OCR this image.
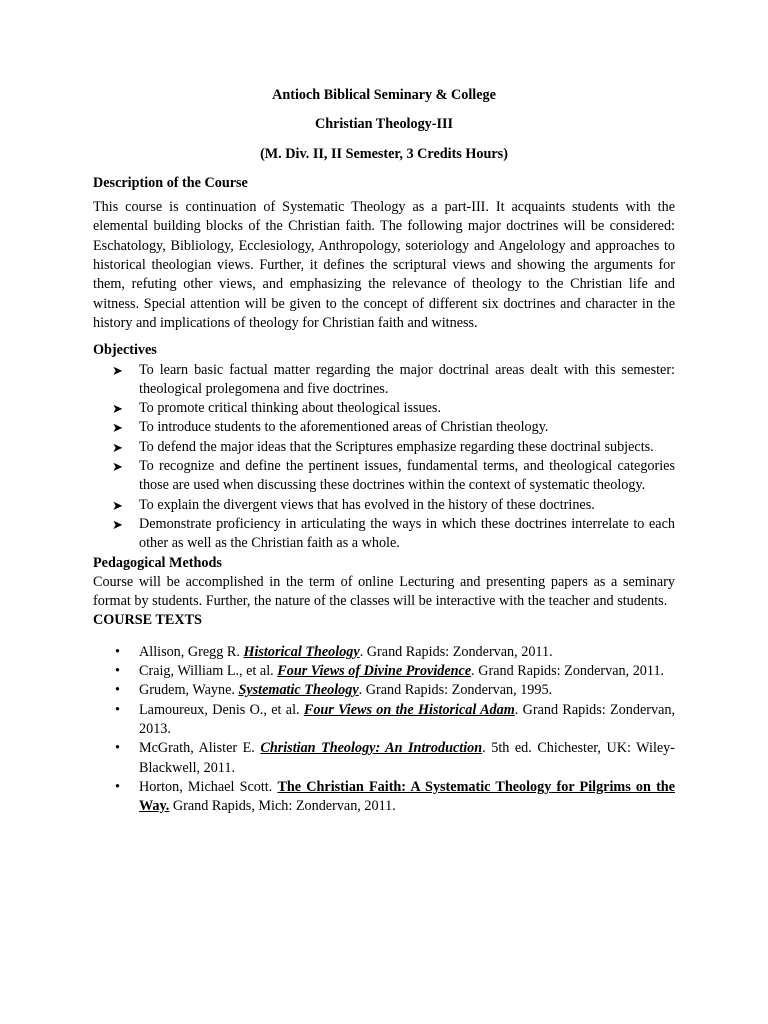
Antioch Biblical Seminary & College

Christian Theology-III

(M. Div. II, II Semester, 3 Credits Hours)

Description of the Course

This course is continuation of Systematic Theology as a part-III. It acquaints students with the elemental building blocks of the Christian faith. The following major doctrines will be considered: Eschatology, Bibliology, Ecclesiology, Anthropology, soteriology and Angelology and approaches to historical theologian views. Further, it defines the scriptural views and showing the arguments for them, refuting other views, and emphasizing the relevance of theology to the Christian life and witness. Special attention will be given to the concept of different six doctrines and character in the history and implications of theology for Christian faith and witness.

Objectives

➤ To learn basic factual matter regarding the major doctrinal areas dealt with this semester: theological prolegomena and five doctrines.
➤ To promote critical thinking about theological issues.
➤ To introduce students to the aforementioned areas of Christian theology.
➤ To defend the major ideas that the Scriptures emphasize regarding these doctrinal subjects.
➤ To recognize and define the pertinent issues, fundamental terms, and theological categories those are used when discussing these doctrines within the context of systematic theology.
➤ To explain the divergent views that has evolved in the history of these doctrines.
➤ Demonstrate proficiency in articulating the ways in which these doctrines interrelate to each other as well as the Christian faith as a whole.

Pedagogical Methods

Course will be accomplished in the term of online Lecturing and presenting papers as a seminary format by students. Further, the nature of the classes will be interactive with the teacher and students.

COURSE TEXTS

• Allison, Gregg R. Historical Theology. Grand Rapids: Zondervan, 2011.
• Craig, William L., et al. Four Views of Divine Providence. Grand Rapids: Zondervan, 2011.
• Grudem, Wayne. Systematic Theology. Grand Rapids: Zondervan, 1995.
• Lamoureux, Denis O., et al. Four Views on the Historical Adam. Grand Rapids: Zondervan, 2013.
• McGrath, Alister E. Christian Theology: An Introduction. 5th ed. Chichester, UK: Wiley-Blackwell, 2011.
• Horton, Michael Scott. The Christian Faith: A Systematic Theology for Pilgrims on the Way. Grand Rapids, Mich: Zondervan, 2011.
